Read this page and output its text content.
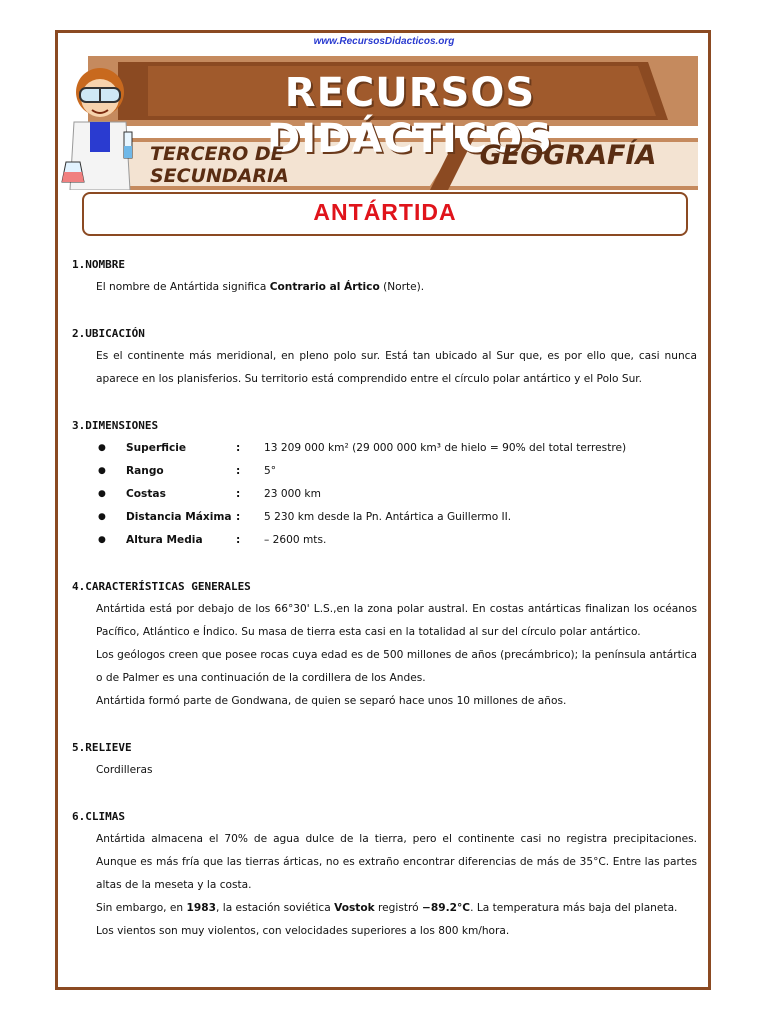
www.RecursosDidacticos.org
RECURSOS DIDÁCTICOS
TERCERO DE SECUNDARIA
GEOGRAFÍA
ANTÁRTIDA

1.NOMBRE

El nombre de Antártida significa Contrario al Ártico (Norte).

2.UBICACIÓN

Es el continente más meridional, en pleno polo sur. Está tan ubicado al Sur que, es por ello que, casi nunca aparece en los planisferios. Su territorio está comprendido entre el círculo polar antártico y el Polo Sur.

3.DIMENSIONES

●	Superficie	:	13 209 000 km² (29 000 000 km³ de hielo = 90% del total terrestre)
●	Rango	:	5°
●	Costas	:	23 000 km
●	Distancia Máxima :	5 230 km desde la Pn. Antártica a Guillermo II.
●	Altura Media	:	– 2600 mts.

4.CARACTERÍSTICAS GENERALES

Antártida está por debajo de los 66°30' L.S.,en la zona polar austral. En costas antárticas finalizan los océanos Pacífico, Atlántico e Índico. Su masa de tierra esta casi en la totalidad al sur del círculo polar antártico.

Los geólogos creen que posee rocas cuya edad es de 500 millones de años (precámbrico); la península antártica o de Palmer es una continuación de la cordillera de los Andes.

Antártida formó parte de Gondwana, de quien se separó hace unos 10 millones de años.

5.RELIEVE

Cordilleras

6.CLIMAS

Antártida almacena el 70% de agua dulce de la tierra, pero el continente casi no registra precipitaciones. Aunque es más fría que las tierras árticas, no es extraño encontrar diferencias de más de 35°C. Entre las partes altas de la meseta y la costa.

Sin embargo, en 1983, la estación soviética Vostok registró −89.2°C. La temperatura más baja del planeta.

Los vientos son muy violentos, con velocidades superiores a los 800 km/hora.
